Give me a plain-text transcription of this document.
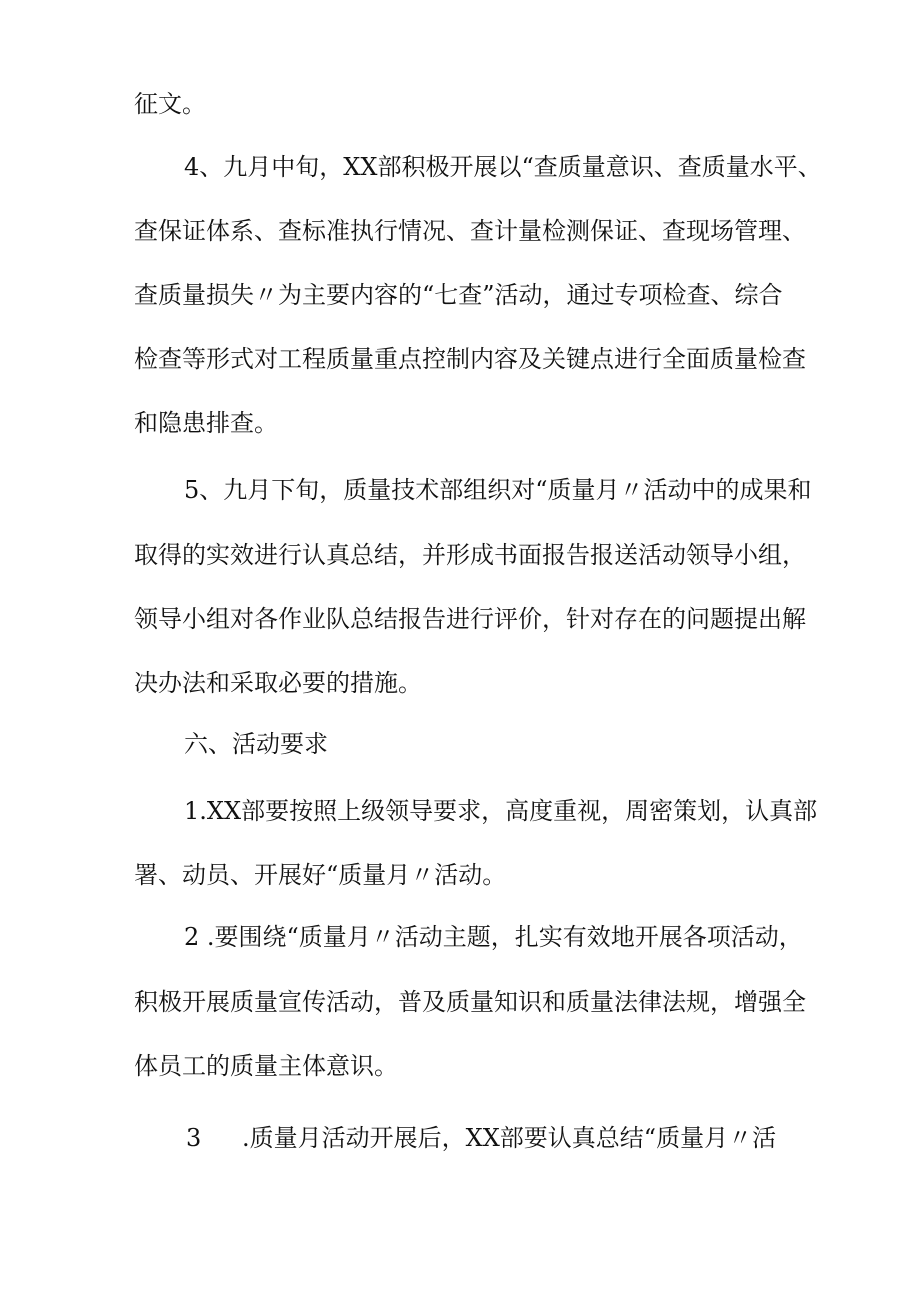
征文。
4、九月中旬，XX部积极开展以“查质量意识、查质量水平、
查保证体系、查标准执行情况、查计量检测保证、查现场管理、
查质量损失〃为主要内容的“七查”活动，通过专项检查、综合
检查等形式对工程质量重点控制内容及关键点进行全面质量检查
和隐患排查。
5、九月下旬，质量技术部组织对“质量月〃活动中的成果和
取得的实效进行认真总结，并形成书面报告报送活动领导小组，
领导小组对各作业队总结报告进行评价，针对存在的问题提出解
决办法和采取必要的措施。
六、活动要求
1.XX部要按照上级领导要求，高度重视，周密策划，认真部
署、动员、开展好“质量月〃活动。
2 .要围绕“质量月〃活动主题，扎实有效地开展各项活动，
积极开展质量宣传活动，普及质量知识和质量法律法规，增强全
体员工的质量主体意识。
3	.质量月活动开展后，XX部要认真总结“质量月〃活
